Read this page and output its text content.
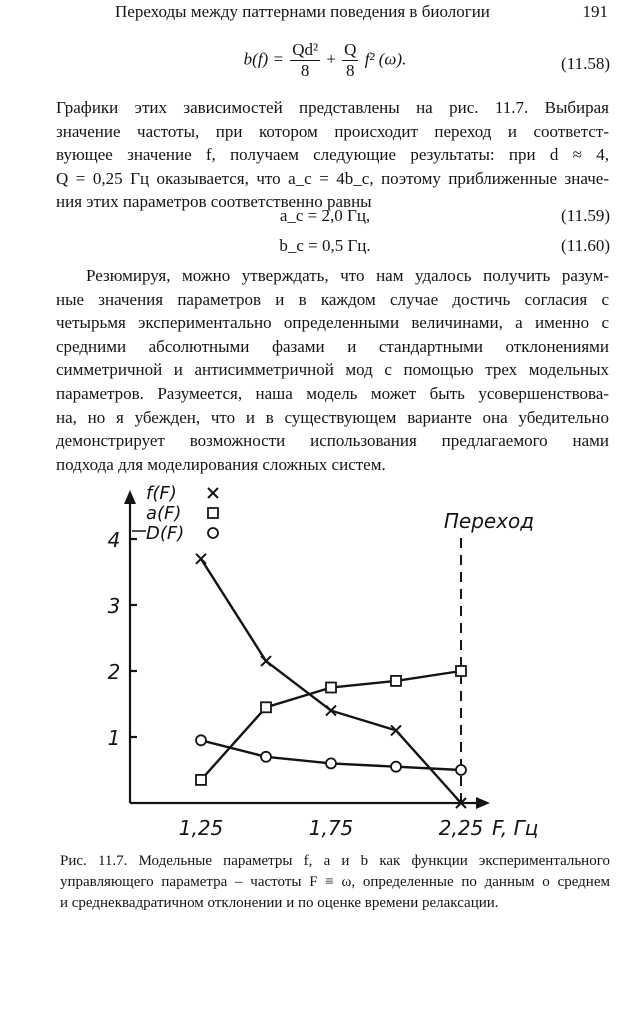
Переходы между паттернами поведения в биологии	191
$b(f) = \frac{\text{Qd²}}{8} + \frac{Q}{8} f^2$ (ω).	(11.58)
Графики этих зависимостей представлены на рис. 11.7. Выбирая
значение частоты, при котором происходит переход и соответст-
вующее значение f, получаем следующие результаты: при d ≈ 4,
Q = 0,25 Гц оказывается, что a_c = 4b_c, поэтому приближенные значе-
ния этих параметров соответственно равны
a_c = 2,0 Гц,	(11.59)
b_c = 0,5 Гц.	(11.60)
Резюмируя, можно утверждать, что нам удалось получить разум-
ные значения параметров и в каждом случае достичь согласия с
четырьмя экспериментально определенными величинами, а именно с
средними абсолютными фазами и стандартными отклонениями
симметричной и антисимметричной мод с помощью трех модельных
параметров. Разумеется, наша модель может быть усовершенствова-
на, но я убежден, что и в существующем варианте она убедительно
демонстрирует возможности использования предлагаемого нами
подхода для моделирования сложных систем.
1
2
3
4
1,25	1,75	2,25 F, Гц
Переход
f(F)
a(F)
D(F)
Рис. 11.7. Модельные параметры f, a и b как функции экспериментального
управляющего параметра – частоты F ≡ ω, определенные по данным о среднем
и среднеквадратичном отклонении и по оценке времени релаксации.
